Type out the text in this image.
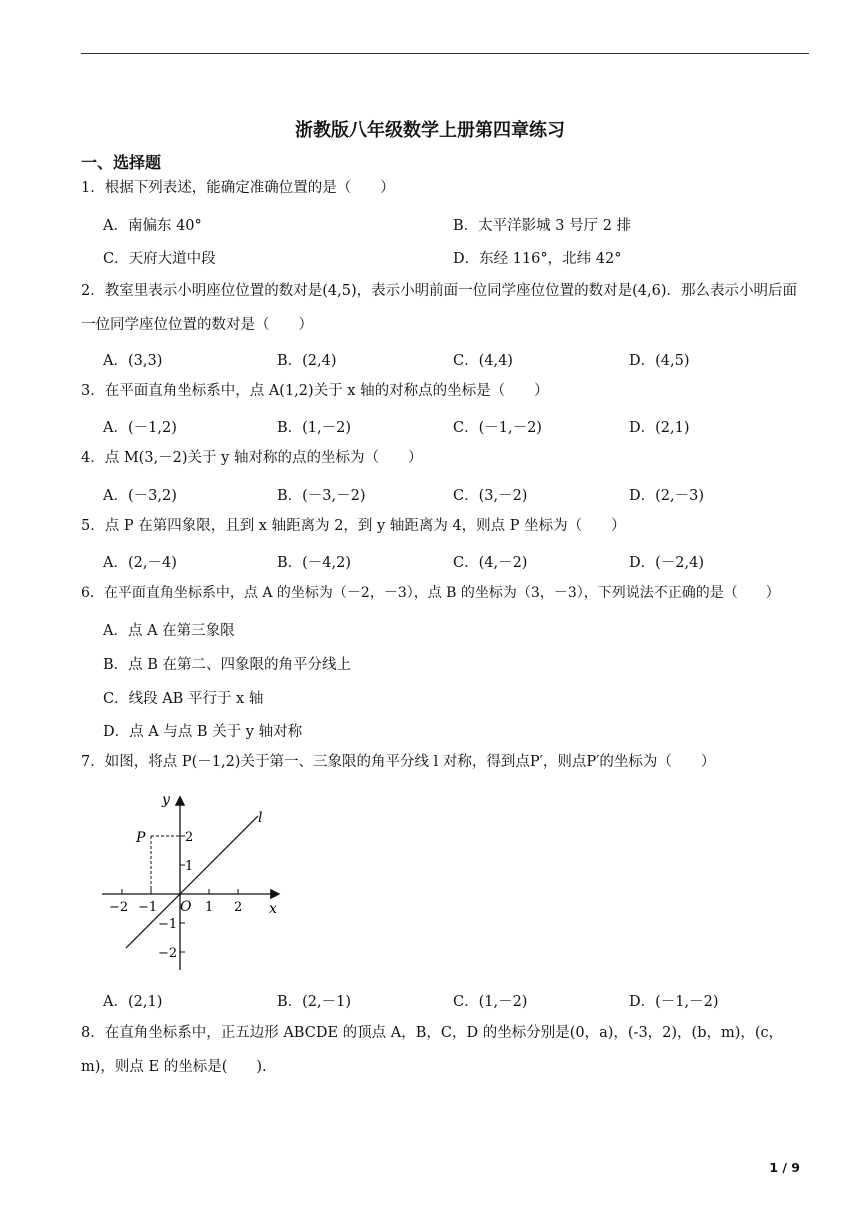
浙教版八年级数学上册第四章练习
一、选择题
1．根据下列表述，能确定准确位置的是（　　）
A．南偏东 40°	B．太平洋影城 3 号厅 2 排
C．天府大道中段	D．东经 116°，北纬 42°
2．教室里表示小明座位位置的数对是(4,5)，表示小明前面一位同学座位位置的数对是(4,6)．那么表示小明后面一位同学座位位置的数对是（　　）
A．(3,3)	B．(2,4)	C．(4,4)	D．(4,5)
3．在平面直角坐标系中，点 A(1,2)关于 x 轴的对称点的坐标是（　　）
A．(－1,2)	B．(1,－2)	C．(－1,－2)	D．(2,1)
4．点 M(3,－2)关于 y 轴对称的点的坐标为（　　）
A．(－3,2)	B．(－3,－2)	C．(3,－2)	D．(2,－3)
5．点 P 在第四象限，且到 x 轴距离为 2，到 y 轴距离为 4，则点 P 坐标为（　　）
A．(2,－4)	B．(－4,2)	C．(4,－2)	D．(－2,4)
6．在平面直角坐标系中，点 A 的坐标为（－2，－3），点 B 的坐标为（3，－3），下列说法不正确的是（　　）
A．点 A 在第三象限
B．点 B 在第二、四象限的角平分线上
C．线段 AB 平行于 x 轴
D．点 A 与点 B 关于 y 轴对称
7．如图，将点 P(－1,2)关于第一、三象限的角平分线 l 对称，得到点P′，则点P′的坐标为（　　）
y
x
O
l
P
−2 −1	1 2
2
1
−1
−2
A．(2,1)	B．(2,－1)	C．(1,－2)	D．(－1,－2)
8．在直角坐标系中，正五边形 ABCDE 的顶点 A，B，C，D 的坐标分别是(0，a)，(-3，2)，(b，m)，(c，m)，则点 E 的坐标是(　　).
1 / 9
